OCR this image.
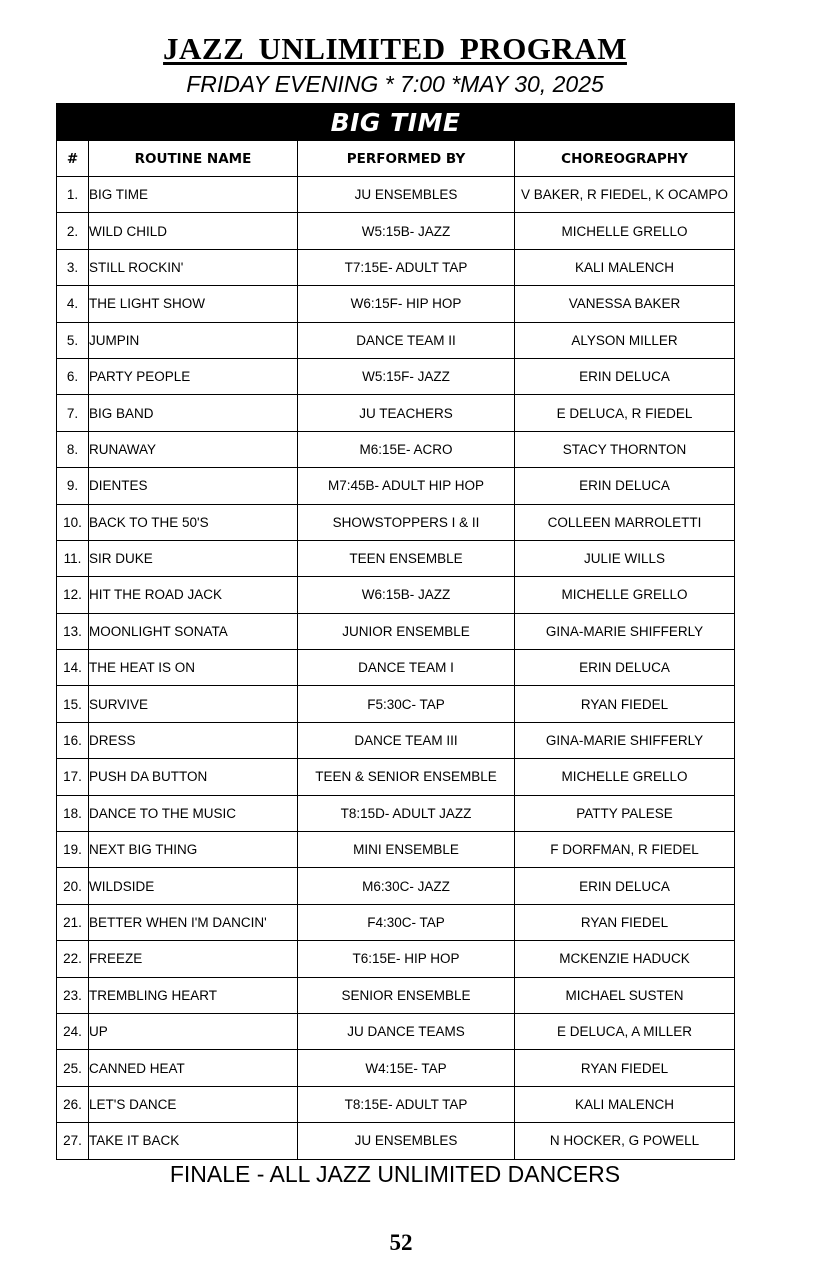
JAZZ UNLIMITED PROGRAM
FRIDAY EVENING * 7:00 *MAY 30, 2025
BIG TIME			
#	ROUTINE NAME	PERFORMED BY	CHOREOGRAPHY
1.	BIG TIME	JU ENSEMBLES	V BAKER, R FIEDEL, K OCAMPO
2.	WILD CHILD	W5:15B- JAZZ	MICHELLE GRELLO
3.	STILL ROCKIN'	T7:15E- ADULT TAP	KALI MALENCH
4.	THE LIGHT SHOW	W6:15F- HIP HOP	VANESSA BAKER
5.	JUMPIN	DANCE TEAM II	ALYSON MILLER
6.	PARTY PEOPLE	W5:15F- JAZZ	ERIN DELUCA
7.	BIG BAND	JU TEACHERS	E DELUCA, R FIEDEL
8.	RUNAWAY	M6:15E- ACRO	STACY THORNTON
9.	DIENTES	M7:45B- ADULT HIP HOP	ERIN DELUCA
10.	BACK TO THE 50'S	SHOWSTOPPERS I & II	COLLEEN MARROLETTI
11.	SIR DUKE	TEEN ENSEMBLE	JULIE WILLS
12.	HIT THE ROAD JACK	W6:15B- JAZZ	MICHELLE GRELLO
13.	MOONLIGHT SONATA	JUNIOR ENSEMBLE	GINA-MARIE SHIFFERLY
14.	THE HEAT IS ON	DANCE TEAM I	ERIN DELUCA
15.	SURVIVE	F5:30C- TAP	RYAN FIEDEL
16.	DRESS	DANCE TEAM III	GINA-MARIE SHIFFERLY
17.	PUSH DA BUTTON	TEEN & SENIOR ENSEMBLE	MICHELLE GRELLO
18.	DANCE TO THE MUSIC	T8:15D- ADULT JAZZ	PATTY PALESE
19.	NEXT BIG THING	MINI ENSEMBLE	F DORFMAN, R FIEDEL
20.	WILDSIDE	M6:30C- JAZZ	ERIN DELUCA
21.	BETTER WHEN I'M DANCIN'	F4:30C- TAP	RYAN FIEDEL
22.	FREEZE	T6:15E- HIP HOP	MCKENZIE HADUCK
23.	TREMBLING HEART	SENIOR ENSEMBLE	MICHAEL SUSTEN
24.	UP	JU DANCE TEAMS	E DELUCA, A MILLER
25.	CANNED HEAT	W4:15E- TAP	RYAN FIEDEL
26.	LET'S DANCE	T8:15E- ADULT TAP	KALI MALENCH
27.	TAKE IT BACK	JU ENSEMBLES	N HOCKER, G POWELL
FINALE - ALL JAZZ UNLIMITED DANCERS
52
